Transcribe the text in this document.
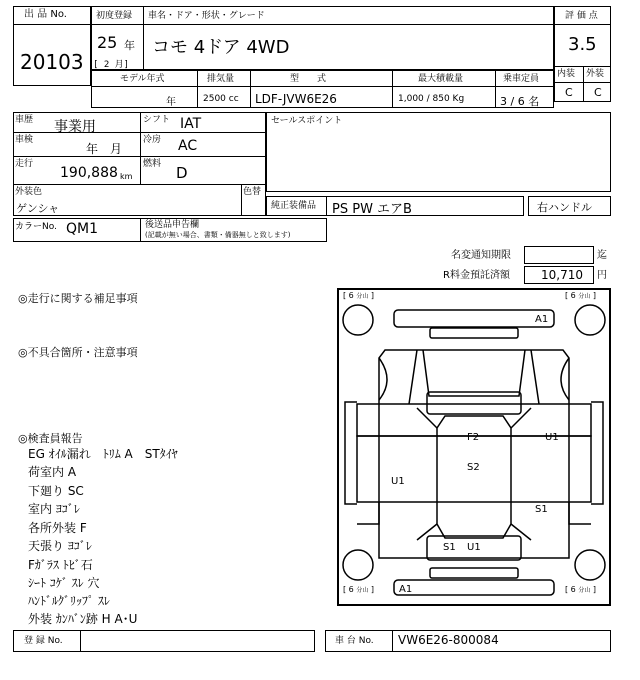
出 品 No.
20103
初度登録
25 年
[ 2 月]
車名・ドア・形状・グレード
コモ 4ドア 4WD
評 価 点
3.5
内装 外装
C C
モデル年式	排気量	型　　式	最大積載量	乗車定員
年	2500 cc LDF-JVW6E26	1,000 / 850 Kg	3 / 6 名
車歴 事業用	シフト IAT
車検
年　月
冷房 AC
走行
190,888 km
燃料 D
外装色
ゲンシャ
セールスポイント
色替
純正装備品 PS PW エアB	右ハンドル
カラーNo. QM1	後送品申告欄
(記載が無い場合、書類・備器無しと致します)
名変通知期限	迄
R料金預託済額	10,710 円
◎走行に関する補足事項
◎不具合箇所・注意事項
◎検査員報告
EG ｵｲﾙ漏れ　ﾄﾘﾑ A　STﾀｲﾔ
荷室内 A
下廻り SC
室内 ﾖｺﾞﾚ
各所外装 F
天張り ﾖｺﾞﾚ
Fｶﾞﾗｽ ﾄﾋﾞ石
ｼｰﾄ ｺｹﾞ ｽﾚ 穴
ﾊﾝﾄﾞﾙｸﾞﾘｯﾌﾟ ｽﾚ
外装 ｶﾝﾊﾞﾝ跡 H A･U
[ 6 分山 ]	[ 6 分山 ]
[ 6 分山 ]	[ 6 分山 ]
A1
F2	U1
S2
U1
S1
S1 U1
A1
登 録 No.	車 台 No. VW6E26-800084
